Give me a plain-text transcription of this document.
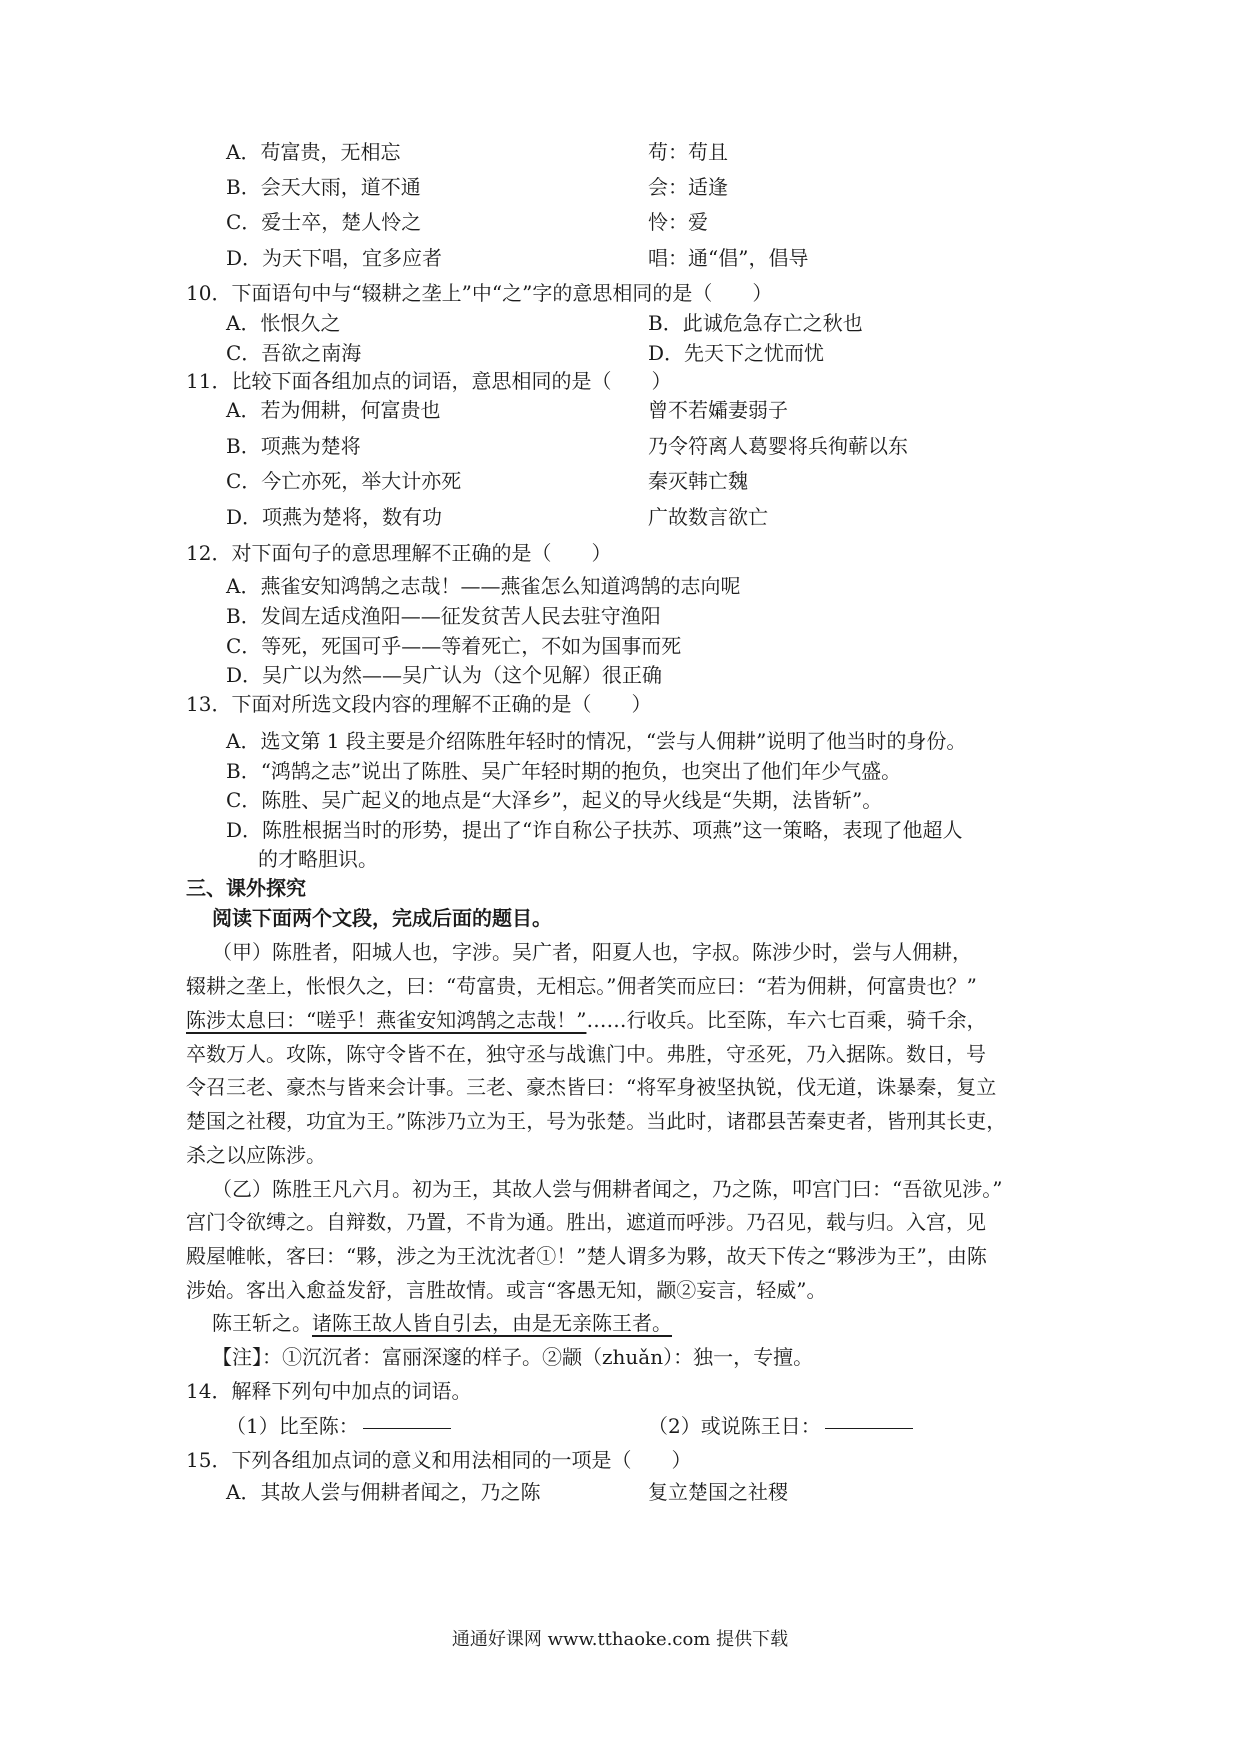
A．苟富贵，无相忘	苟：苟且
B．会天大雨，道不通	会：适逢
C．爱士卒，楚人怜之	怜：爱
D．为天下唱，宜多应者	唱：通“倡”，倡导
10．下面语句中与“辍耕之垄上”中“之”字的意思相同的是（　　）
A．怅恨久之	B．此诚危急存亡之秋也
C．吾欲之南海	D．先天下之忧而忧
11．比较下面各组加点的词语，意思相同的是（　　）
A．若为佣耕，何富贵也	曾不若孀妻弱子
B．项燕为楚将	乃令符离人葛婴将兵徇蕲以东
C．今亡亦死，举大计亦死	秦灭韩亡魏
D．项燕为楚将，数有功	广故数言欲亡
12．对下面句子的意思理解不正确的是（　　）
A．燕雀安知鸿鹄之志哉！——燕雀怎么知道鸿鹄的志向呢
B．发闾左适戍渔阳——征发贫苦人民去驻守渔阳
C．等死，死国可乎——等着死亡，不如为国事而死
D．吴广以为然——吴广认为（这个见解）很正确
13．下面对所选文段内容的理解不正确的是（　　）
A．选文第 1 段主要是介绍陈胜年轻时的情况，“尝与人佣耕”说明了他当时的身份。
B．“鸿鹄之志”说出了陈胜、吴广年轻时期的抱负，也突出了他们年少气盛。
C．陈胜、吴广起义的地点是“大泽乡”，起义的导火线是“失期，法皆斩”。
D．陈胜根据当时的形势，提出了“诈自称公子扶苏、项燕”这一策略，表现了他超人
的才略胆识。
三、课外探究
阅读下面两个文段，完成后面的题目。
（甲）陈胜者，阳城人也，字涉。吴广者，阳夏人也，字叔。陈涉少时，尝与人佣耕，
辍耕之垄上，怅恨久之，曰：“苟富贵，无相忘。”佣者笑而应曰：“若为佣耕，何富贵也？”
陈涉太息曰：“嗟乎！燕雀安知鸿鹄之志哉！”……行收兵。比至陈，车六七百乘，骑千余，
卒数万人。攻陈，陈守令皆不在，独守丞与战谯门中。弗胜，守丞死，乃入据陈。数日，号
令召三老、豪杰与皆来会计事。三老、豪杰皆曰：“将军身被坚执锐，伐无道，诛暴秦，复立
楚国之社稷，功宜为王。”陈涉乃立为王，号为张楚。当此时，诸郡县苦秦吏者，皆刑其长吏，
杀之以应陈涉。
（乙）陈胜王凡六月。初为王，其故人尝与佣耕者闻之，乃之陈，叩宫门曰：“吾欲见涉。”
宫门令欲缚之。自辩数，乃置，不肯为通。胜出，遮道而呼涉。乃召见，载与归。入宫，见
殿屋帷帐，客曰：“夥，涉之为王沈沈者①！”楚人谓多为夥，故天下传之“夥涉为王”，由陈
涉始。客出入愈益发舒，言胜故情。或言“客愚无知，颛②妄言，轻威”。
陈王斩之。诸陈王故人皆自引去，由是无亲陈王者。
【注】：①沉沉者：富丽深邃的样子。②颛（zhuǎn）：独一，专擅。
14．解释下列句中加点的词语。
（1）比至陈：	（2）或说陈王日：
15．下列各组加点词的意义和用法相同的一项是（　　）
A．其故人尝与佣耕者闻之，乃之陈	复立楚国之社稷
通通好课网 www.tthaoke.com 提供下载
